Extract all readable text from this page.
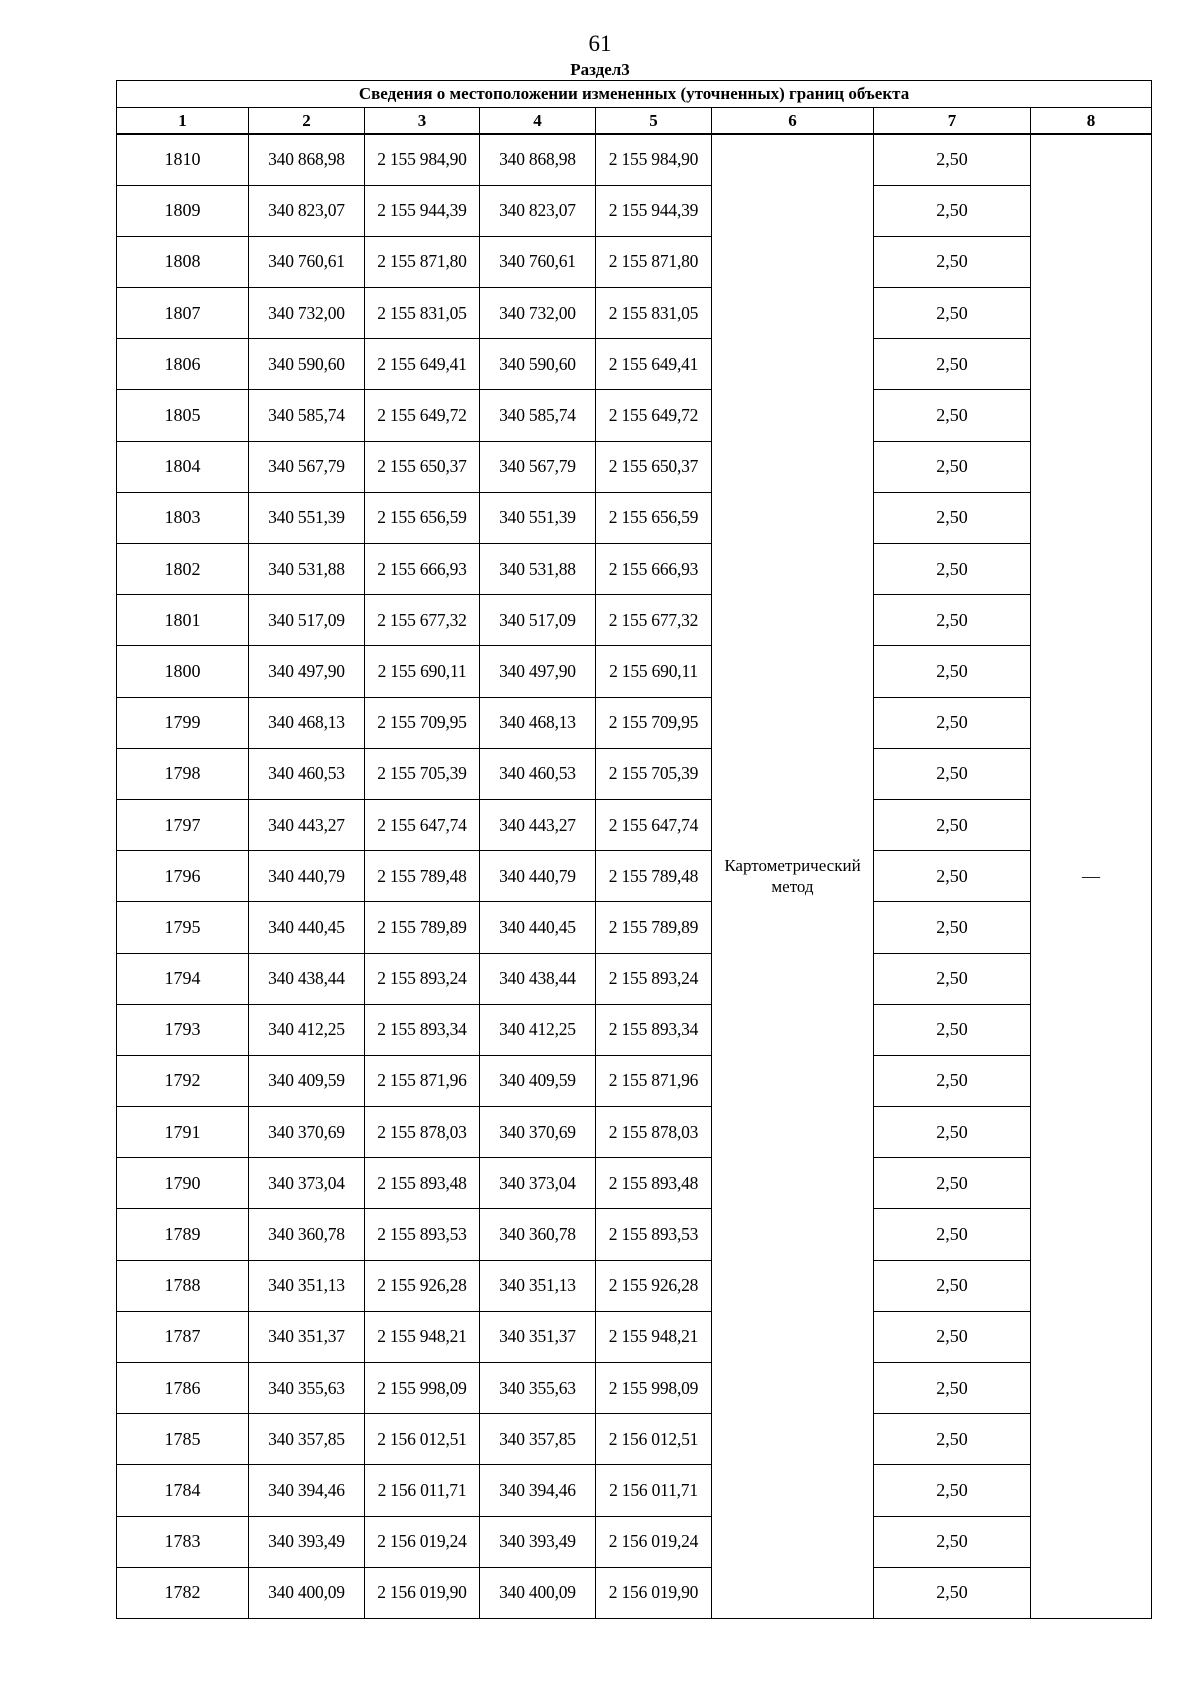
61
Раздел3
Сведения о местоположении измененных (уточненных) границ объекта							
1	2	3	4	5	6	7	8
1810	340 868,98	2 155 984,90	340 868,98	2 155 984,90	Картометрический метод	2,50	—
1809	340 823,07	2 155 944,39	340 823,07	2 155 944,39		2,50	
1808	340 760,61	2 155 871,80	340 760,61	2 155 871,80		2,50	
1807	340 732,00	2 155 831,05	340 732,00	2 155 831,05		2,50	
1806	340 590,60	2 155 649,41	340 590,60	2 155 649,41		2,50	
1805	340 585,74	2 155 649,72	340 585,74	2 155 649,72		2,50	
1804	340 567,79	2 155 650,37	340 567,79	2 155 650,37		2,50	
1803	340 551,39	2 155 656,59	340 551,39	2 155 656,59		2,50	
1802	340 531,88	2 155 666,93	340 531,88	2 155 666,93		2,50	
1801	340 517,09	2 155 677,32	340 517,09	2 155 677,32		2,50	
1800	340 497,90	2 155 690,11	340 497,90	2 155 690,11		2,50	
1799	340 468,13	2 155 709,95	340 468,13	2 155 709,95		2,50	
1798	340 460,53	2 155 705,39	340 460,53	2 155 705,39		2,50	
1797	340 443,27	2 155 647,74	340 443,27	2 155 647,74		2,50	
1796	340 440,79	2 155 789,48	340 440,79	2 155 789,48		2,50	
1795	340 440,45	2 155 789,89	340 440,45	2 155 789,89		2,50	
1794	340 438,44	2 155 893,24	340 438,44	2 155 893,24		2,50	
1793	340 412,25	2 155 893,34	340 412,25	2 155 893,34		2,50	
1792	340 409,59	2 155 871,96	340 409,59	2 155 871,96		2,50	
1791	340 370,69	2 155 878,03	340 370,69	2 155 878,03		2,50	
1790	340 373,04	2 155 893,48	340 373,04	2 155 893,48		2,50	
1789	340 360,78	2 155 893,53	340 360,78	2 155 893,53		2,50	
1788	340 351,13	2 155 926,28	340 351,13	2 155 926,28		2,50	
1787	340 351,37	2 155 948,21	340 351,37	2 155 948,21		2,50	
1786	340 355,63	2 155 998,09	340 355,63	2 155 998,09		2,50	
1785	340 357,85	2 156 012,51	340 357,85	2 156 012,51		2,50	
1784	340 394,46	2 156 011,71	340 394,46	2 156 011,71		2,50	
1783	340 393,49	2 156 019,24	340 393,49	2 156 019,24		2,50	
1782	340 400,09	2 156 019,90	340 400,09	2 156 019,90		2,50	
